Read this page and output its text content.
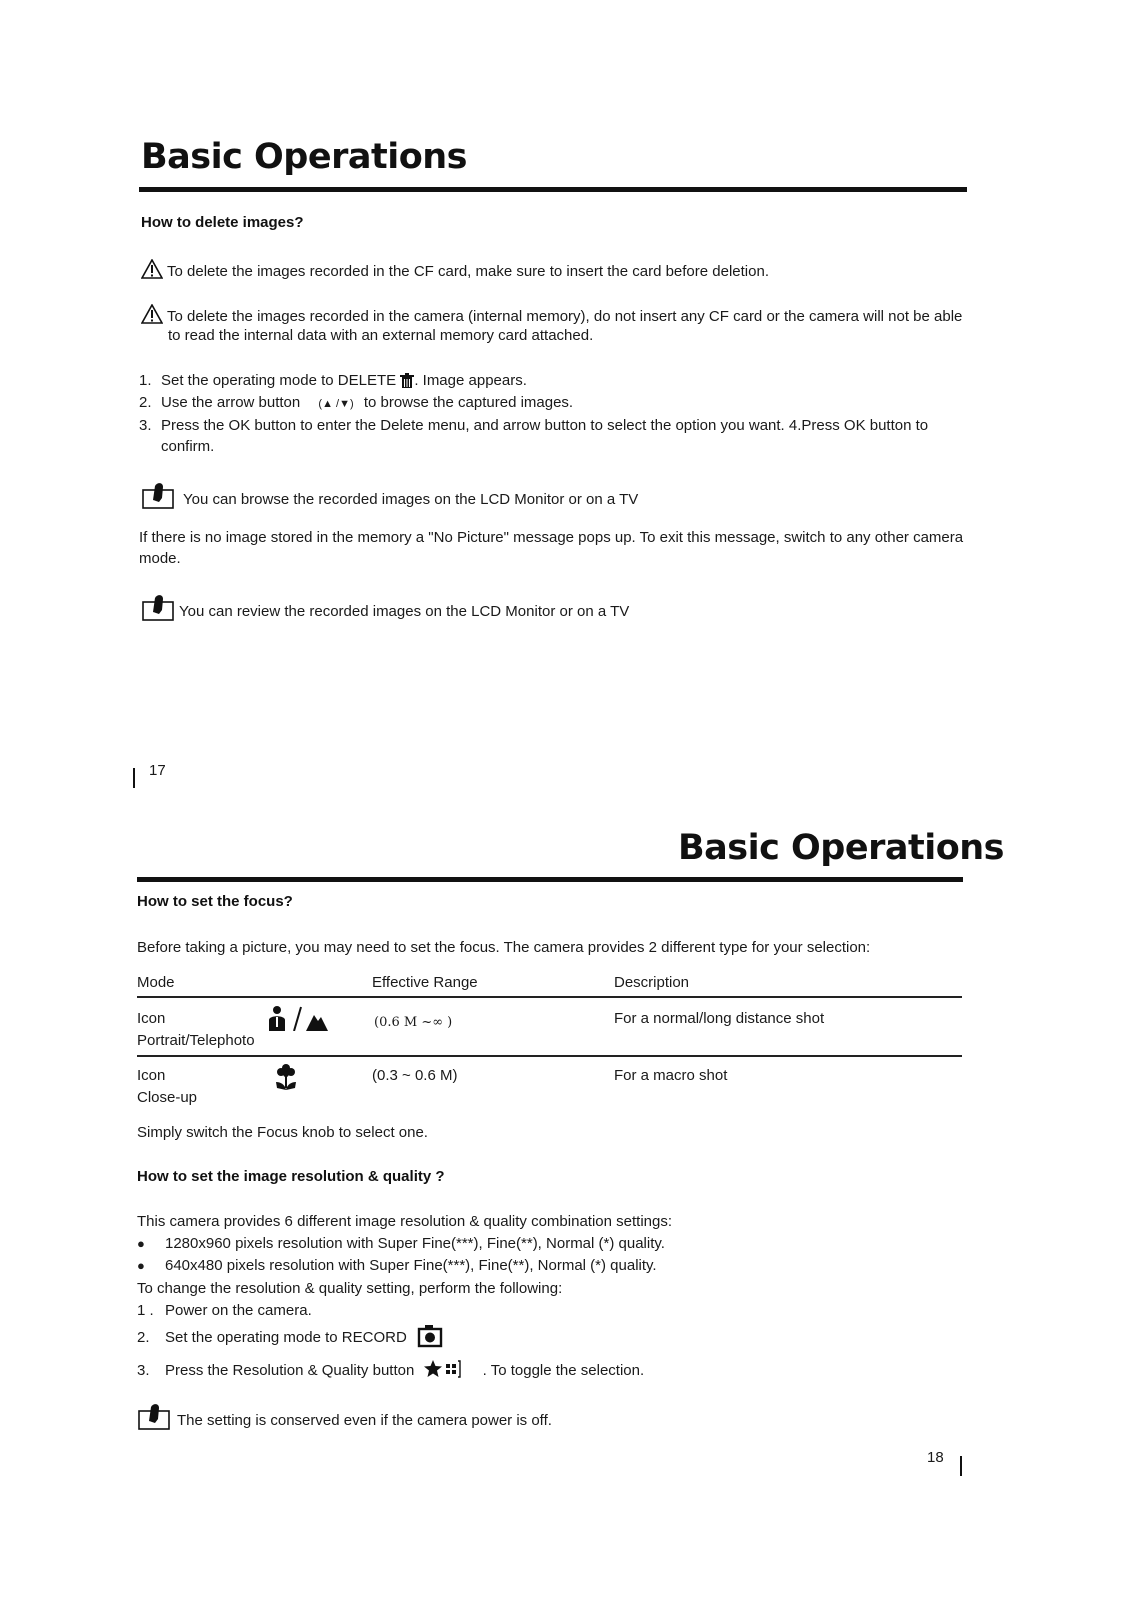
Basic Operations
How to delete images?
To delete the images recorded in the CF card, make sure to insert the card before deletion.
To delete the images recorded in the camera (internal memory), do not insert any CF card or the camera will not be able
to read the internal data with an external memory card attached.
1. Set the operating mode to DELETE . Image appears.
2. Use the arrow button (▲ /▼) to browse the captured images.
3. Press the OK button to enter the Delete menu, and arrow button to select the option you want. 4.Press OK button to
confirm.
You can browse the recorded images on the LCD Monitor or on a TV
If there is no image stored in the memory a "No Picture" message pops up. To exit this message, switch to any other camera
mode.
You can review the recorded images on the LCD Monitor or on a TV
17
Basic Operations
How to set the focus?
Before taking a picture, you may need to set the focus. The camera provides 2 different type for your selection:
Mode	Effective Range	Description
Icon
Portrait/Telephoto
(0.6 M ~∞ )	For a normal/long distance shot
Icon
Close-up
(0.3 ~ 0.6 M)	For a macro shot
Simply switch the Focus knob to select one.
How to set the image resolution & quality ?
This camera provides 6 different image resolution & quality combination settings:
● 1280x960 pixels resolution with Super Fine(***), Fine(**), Normal (*) quality.
● 640x480 pixels resolution with Super Fine(***), Fine(**), Normal (*) quality.
To change the resolution & quality setting, perform the following:
1 . Power on the camera.
2. Set the operating mode to RECORD
3. Press the Resolution & Quality button	. To toggle the selection.
The setting is conserved even if the camera power is off.
18
